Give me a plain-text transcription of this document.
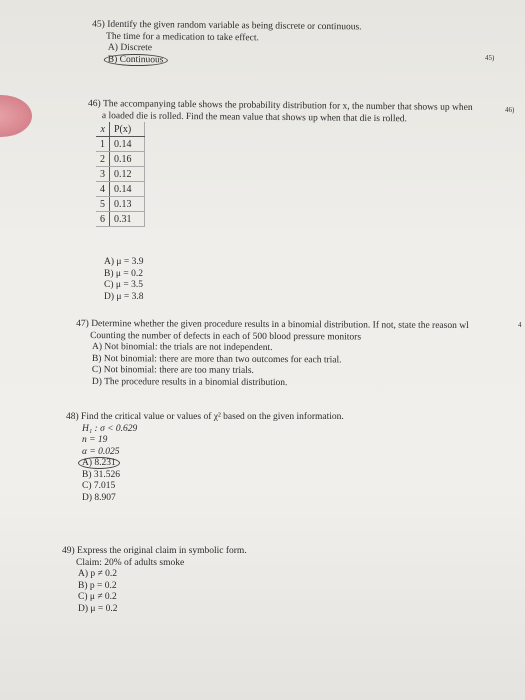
45) Identify the given random variable as being discrete or continuous.
The time for a medication to take effect.
A) Discrete
B) Continuous	45)
46) The accompanying table shows the probability distribution for x, the number that shows up when
a loaded die is rolled. Find the mean value that shows up when that die is rolled.
46)
x	P(x)
1	0.14
2	0.16
3	0.12
4	0.14
5	0.13
6	0.31
A) μ = 3.9
B) μ = 0.2
C) μ = 3.5
D) μ = 3.8
47) Determine whether the given procedure results in a binomial distribution. If not, state the reason wl
Counting the number of defects in each of 500 blood pressure monitors
A) Not binomial: the trials are not independent.
B) Not binomial: there are more than two outcomes for each trial.
C) Not binomial: there are too many trials.
D) The procedure results in a binomial distribution.
4
48) Find the critical value or values of χ² based on the given information.
H₁ : σ < 0.629
n = 19
α = 0.025
A) 8.231
B) 31.526
C) 7.015
D) 8.907
49) Express the original claim in symbolic form.
Claim: 20% of adults smoke
A) p ≠ 0.2
B) p = 0.2
C) μ ≠ 0.2
D) μ = 0.2
